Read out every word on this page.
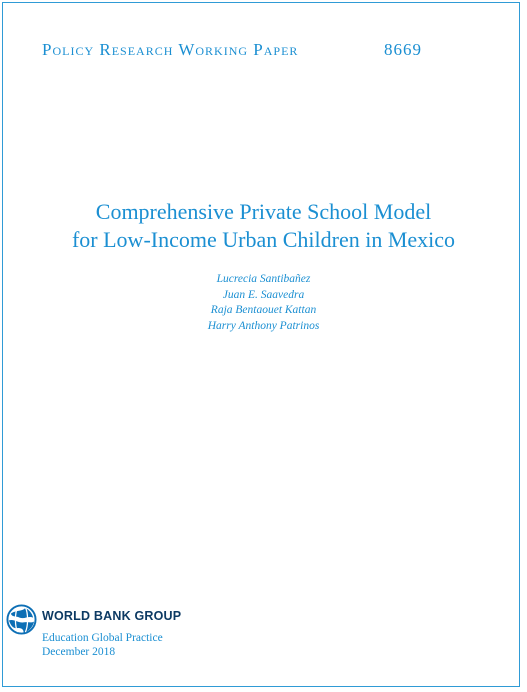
Policy Research Working Paper	8669
Comprehensive Private School Model
for Low-Income Urban Children in Mexico
Lucrecia Santibañez
Juan E. Saavedra
Raja Bentaouet Kattan
Harry Anthony Patrinos
WORLD BANK GROUP
Education Global Practice
December 2018
